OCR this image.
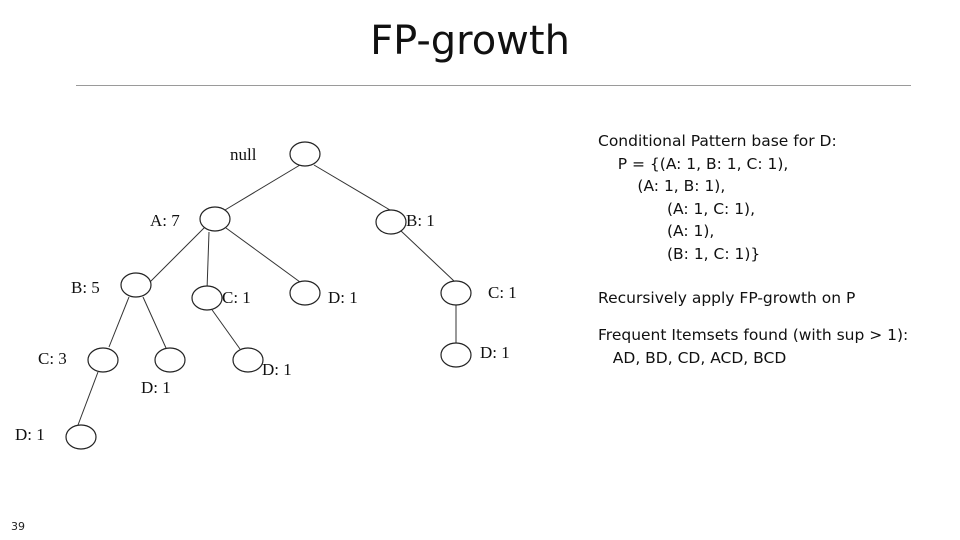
FP-growth
null
A: 7	B: 1
B: 5
C: 1	D: 1	C: 1
C: 3
D: 1
D: 1
D: 1
D: 1
Conditional Pattern base for D:
P = {(A: 1, B: 1, C: 1),
(A: 1, B: 1),
(A: 1, C: 1),
(A: 1),
(B: 1, C: 1)}
Recursively apply FP-growth on P
Frequent Itemsets found (with sup > 1):
AD, BD, CD, ACD, BCD
39
